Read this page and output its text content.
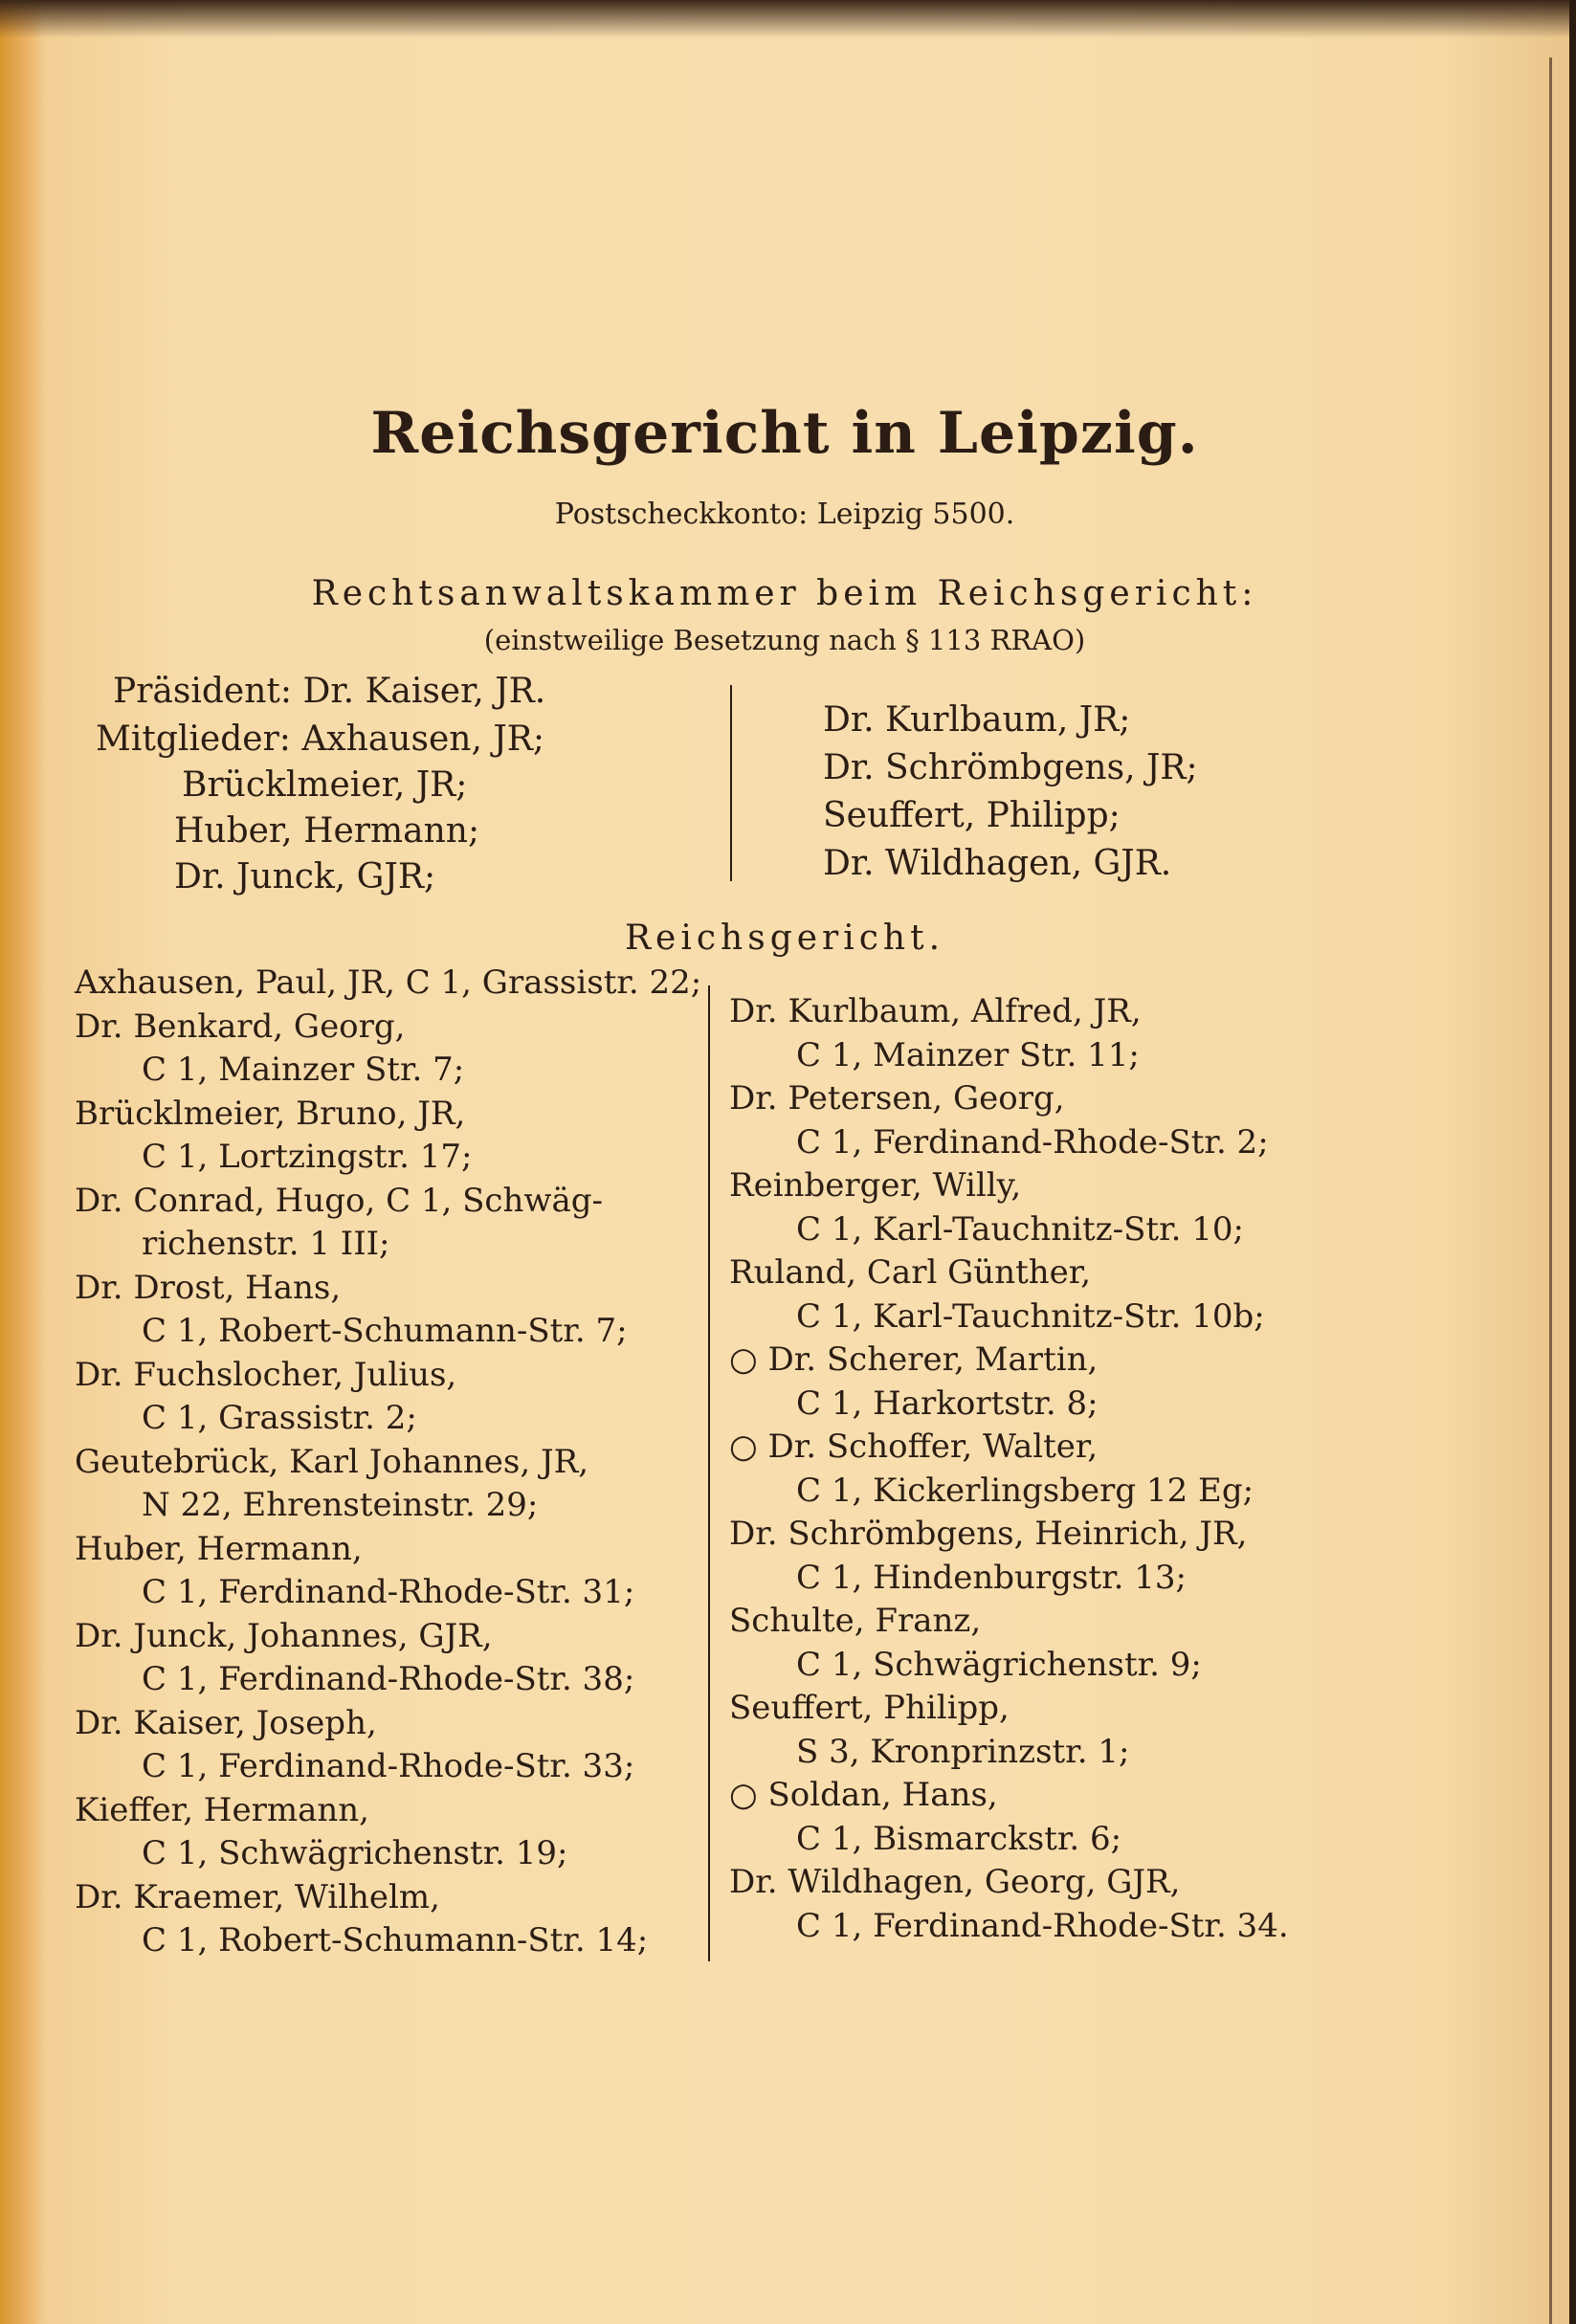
Reichsgericht in Leipzig.
Postscheckkonto: Leipzig 5500.
Rechtsanwaltskammer beim Reichsgericht:
(einstweilige Besetzung nach § 113 RRAO)
Präsident: Dr. Kaiser, JR.
Mitglieder: Axhausen, JR;
Brücklmeier, JR;
Huber, Hermann;
Dr. Junck, GJR;
Dr. Kurlbaum, JR;
Dr. Schrömbgens, JR;
Seuffert, Philipp;
Dr. Wildhagen, GJR.
Reichsgericht.
Axhausen, Paul, JR, C 1, Grassistr. 22;
Dr. Benkard, Georg,
C 1, Mainzer Str. 7;
Brücklmeier, Bruno, JR,
C 1, Lortzingstr. 17;
Dr. Conrad, Hugo, C 1, Schwäg-
richenstr. 1 III;
Dr. Drost, Hans,
C 1, Robert-Schumann-Str. 7;
Dr. Fuchslocher, Julius,
C 1, Grassistr. 2;
Geutebrück, Karl Johannes, JR,
N 22, Ehrensteinstr. 29;
Huber, Hermann,
C 1, Ferdinand-Rhode-Str. 31;
Dr. Junck, Johannes, GJR,
C 1, Ferdinand-Rhode-Str. 38;
Dr. Kaiser, Joseph,
C 1, Ferdinand-Rhode-Str. 33;
Kieffer, Hermann,
C 1, Schwägrichenstr. 19;
Dr. Kraemer, Wilhelm,
C 1, Robert-Schumann-Str. 14;
Dr. Kurlbaum, Alfred, JR,
C 1, Mainzer Str. 11;
Dr. Petersen, Georg,
C 1, Ferdinand-Rhode-Str. 2;
Reinberger, Willy,
C 1, Karl-Tauchnitz-Str. 10;
Ruland, Carl Günther,
C 1, Karl-Tauchnitz-Str. 10b;
○ Dr. Scherer, Martin,
C 1, Harkortstr. 8;
○ Dr. Schoffer, Walter,
C 1, Kickerlingsberg 12 Eg;
Dr. Schrömbgens, Heinrich, JR,
C 1, Hindenburgstr. 13;
Schulte, Franz,
C 1, Schwägrichenstr. 9;
Seuffert, Philipp,
S 3, Kronprinzstr. 1;
○ Soldan, Hans,
C 1, Bismarckstr. 6;
Dr. Wildhagen, Georg, GJR,
C 1, Ferdinand-Rhode-Str. 34.
